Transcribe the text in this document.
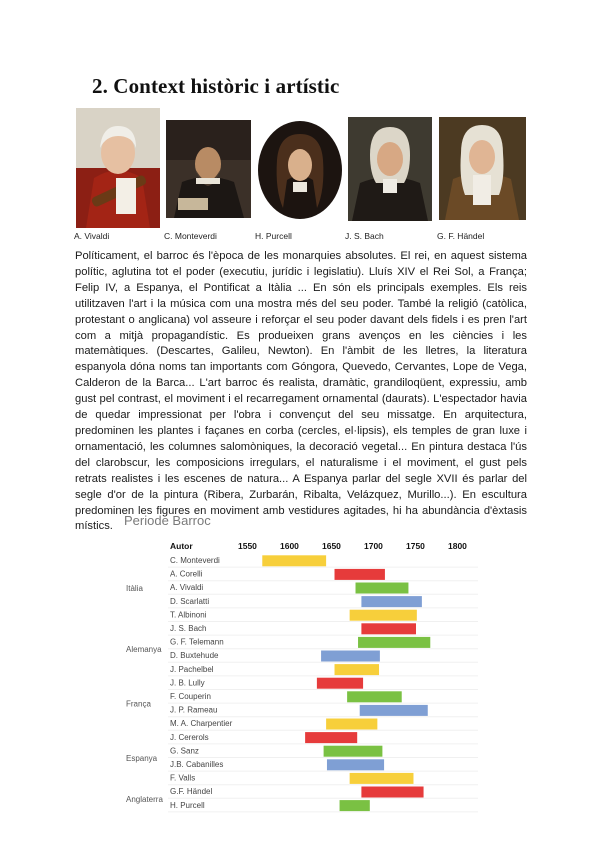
2. Context històric i artístic
A. Vivaldi	C. Monteverdi	H. Purcell	J. S. Bach	G. F. Händel

Políticament, el barroc és l'època de les monarquies absolutes. El rei, en aquest sistema polític, aglutina tot el poder (executiu, jurídic i legislatiu). Lluís XIV el Rei Sol, a França; Felip IV, a Espanya, el Pontificat a Itàlia ... En són els principals exemples. Els reis utilitzaven l'art i la música com una mostra més del seu poder. També la religió (catòlica, protestant o anglicana) vol asseure i reforçar el seu poder davant dels fidels i es pren l'art com a mitjà propagandístic. Es produeixen grans avenços en les ciències i les matemàtiques. (Descartes, Galileu, Newton). En l'àmbit de les lletres, la literatura espanyola dóna noms tan importants com Góngora, Quevedo, Cervantes, Lope de Vega, Calderon de la Barca... L'art barroc és realista, dramàtic, grandiloqüent, expressiu, amb gust pel contrast, el moviment i el recarregament ornamental (daurats). L'espectador havia de quedar impressionat per l'obra i convençut del seu missatge. En arquitectura, predominen les plantes i façanes en corba (cercles, el·lipsis), els temples de gran luxe i ornamentació, les columnes salomòniques, la decoració vegetal... En pintura destaca l'ús del clarobscur, les composicions irregulars, el naturalisme i el moviment, el gust pels retrats realistes i les escenes de natura... A Espanya parlar del segle XVII és parlar del segle d'or de la pintura (Ribera, Zurbarán, Ribalta, Velázquez, Murillo...). En escultura predominen les figures en moviment amb vestidures agitades, hi ha abundància d'èxtasis místics. Periode Barroc
Autor	1550	1600	1650	1700	1750	1800
C. Monteverdi
A. Corelli
A. Vivaldi
D. Scarlatti
T. Albinoni
J. S. Bach
G. F. Telemann
D. Buxtehude
J. Pachelbel
J. B. Lully
F. Couperin
J. P. Rameau
M. A. Charpentier
J. Cererols
G. Sanz
J.B. Cabanilles
F. Valls
G.F. Händel
H. Purcell
Itàlia
Alemanya
França
Espanya
Anglaterra
